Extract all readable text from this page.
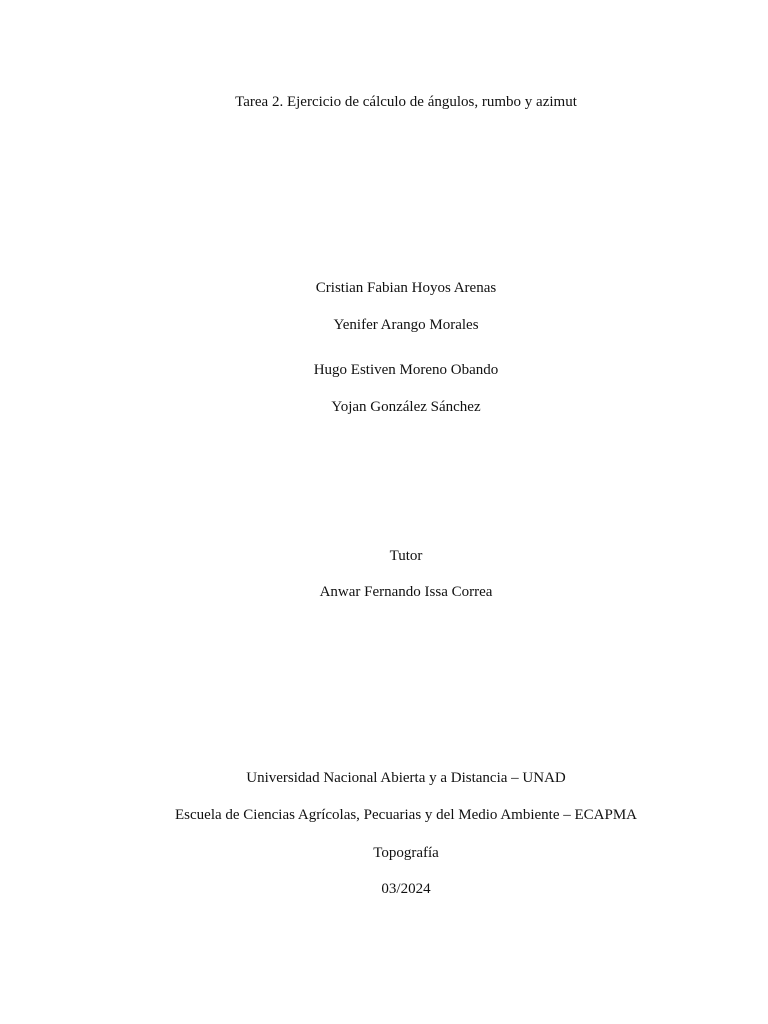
Tarea 2. Ejercicio de cálculo de ángulos, rumbo y azimut
Cristian Fabian Hoyos Arenas
Yenifer Arango Morales
Hugo Estiven Moreno Obando
Yojan González Sánchez
Tutor
Anwar Fernando Issa Correa
Universidad Nacional Abierta y a Distancia – UNAD
Escuela de Ciencias Agrícolas, Pecuarias y del Medio Ambiente – ECAPMA
Topografía
03/2024
